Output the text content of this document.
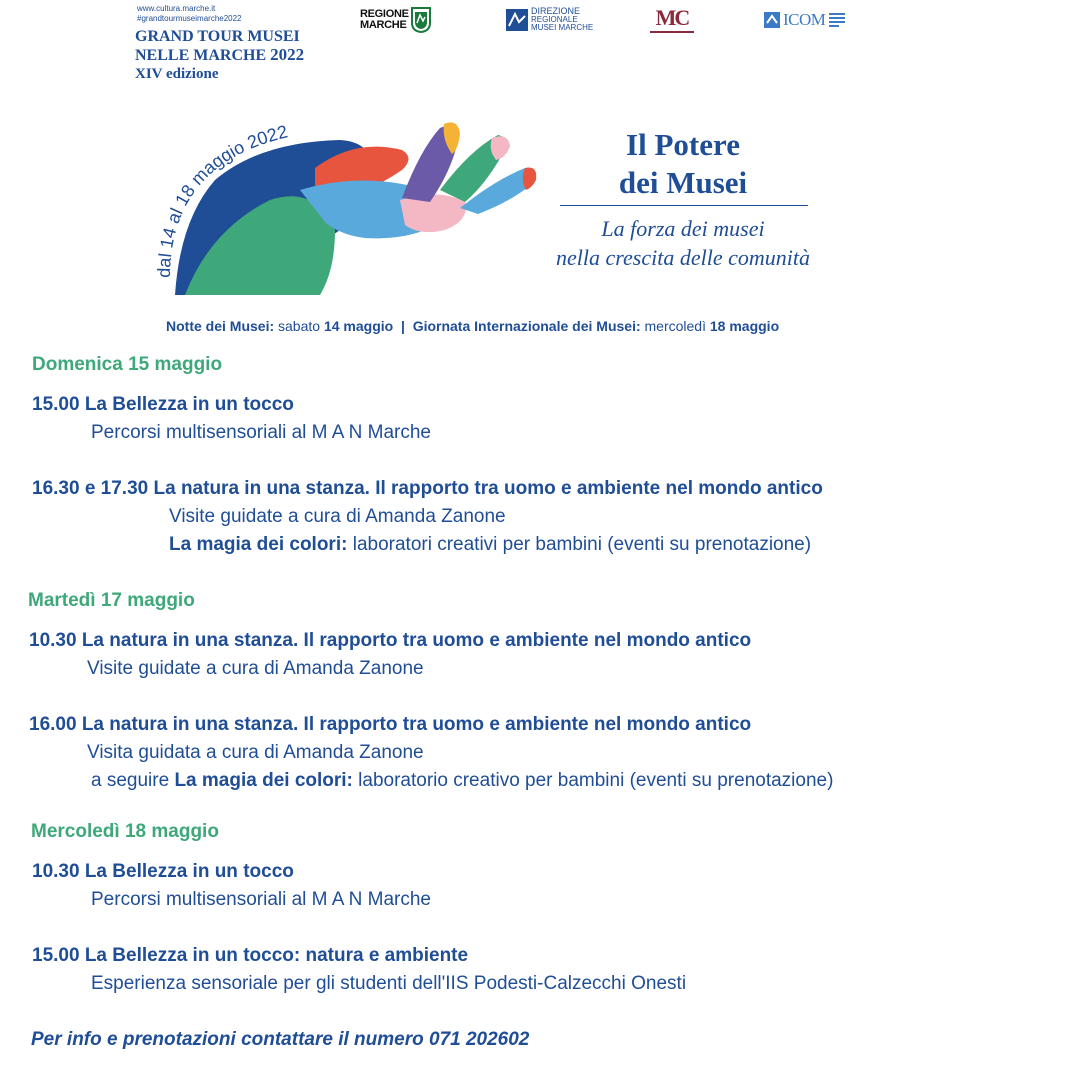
www.cultura.marche.it
#grandtourmuseimarche2022
GRAND TOUR MUSEI
NELLE MARCHE 2022
XIV edizione
REGIONE
MARCHE
DIREZIONE
REGIONALE
MUSEI MARCHE	MC	ICOM
dal 14 al 18 maggio 2022	Il Potere
dei Musei
La forza dei musei
nella crescita delle comunità
Notte dei Musei: sabato 14 maggio | Giornata Internazionale dei Musei: mercoledì 18 maggio
Domenica 15 maggio
15.00 La Bellezza in un tocco
Percorsi multisensoriali al M A N Marche
16.30 e 17.30 La natura in una stanza. Il rapporto tra uomo e ambiente nel mondo antico
Visite guidate a cura di Amanda Zanone
La magia dei colori: laboratori creativi per bambini (eventi su prenotazione)
Martedì 17 maggio
10.30 La natura in una stanza. Il rapporto tra uomo e ambiente nel mondo antico
Visite guidate a cura di Amanda Zanone
16.00 La natura in una stanza. Il rapporto tra uomo e ambiente nel mondo antico
Visita guidata a cura di Amanda Zanone
a seguire La magia dei colori: laboratorio creativo per bambini (eventi su prenotazione)
Mercoledì 18 maggio
10.30 La Bellezza in un tocco
Percorsi multisensoriali al M A N Marche
15.00 La Bellezza in un tocco: natura e ambiente
Esperienza sensoriale per gli studenti dell'IIS Podesti-Calzecchi Onesti
Per info e prenotazioni contattare il numero 071 202602
